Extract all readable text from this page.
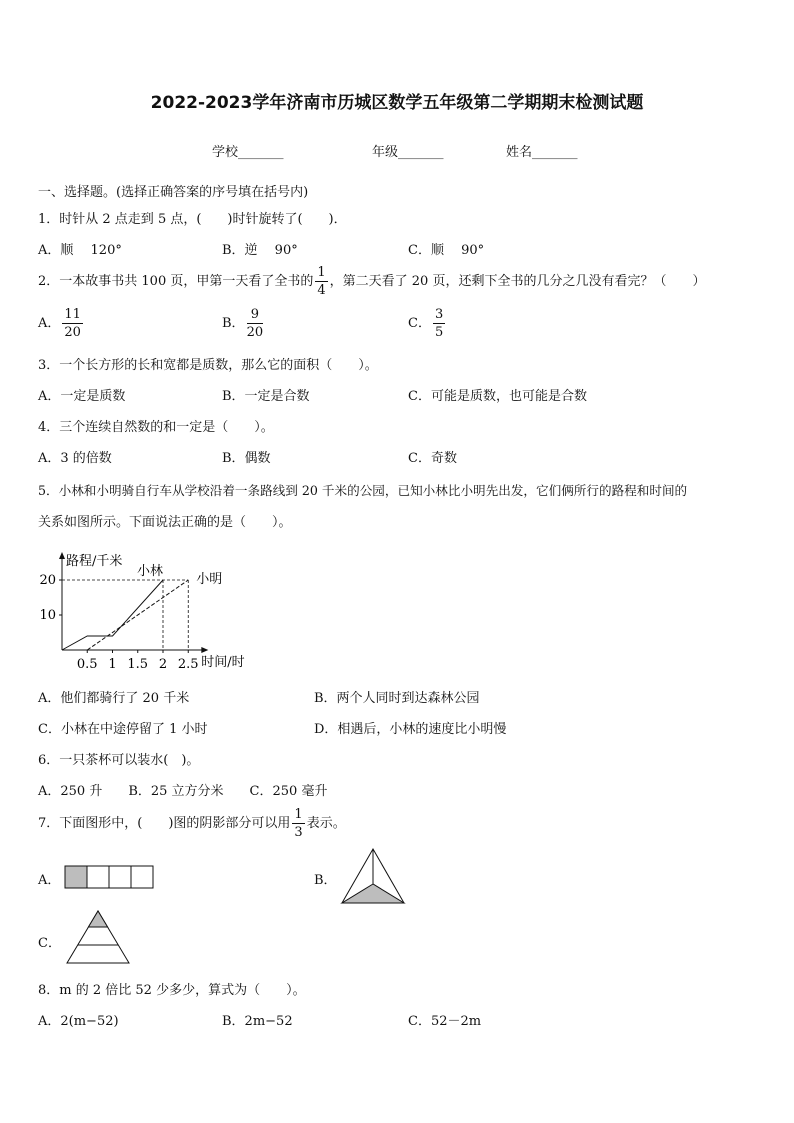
2022-2023学年济南市历城区数学五年级第二学期期末检测试题
学校_______	年级_______	姓名_______
一、选择题。(选择正确答案的序号填在括号内)
1．时针从 2 点走到 5 点，(　　)时针旋转了(　　)．
A．顺　 120°	B．逆　 90°	C．顺　 90°
2．一本故事书共 100 页，甲第一天看了全书的 $\frac{1}{4}$ ，第二天看了 20 页，还剩下全书的几分之几没有看完？（　　）
A． $\frac{11}{20}$	B． $\frac{9}{20}$	C． $\frac{3}{5}$
3．一个长方形的长和宽都是质数，那么它的面积（　　）。
A．一定是质数	B．一定是合数	C．可能是质数，也可能是合数
4．三个连续自然数的和一定是（　　）。
A．3 的倍数	B．偶数	C．奇数
5．小林和小明骑自行车从学校沿着一条路线到 20 千米的公园，已知小林比小明先出发，它们俩所行的路程和时间的
关系如图所示。下面说法正确的是（　　）。
10
20
0.5 1 1.5 2 2.5
小林
小明
路程/千米
时间/时
A．他们都骑行了 20 千米	B．两个人同时到达森林公园
C．小林在中途停留了 1 小时	D．相遇后，小林的速度比小明慢
6．一只茶杯可以装水(　)。
A．250 升　　B．25 立方分米　　C．250 毫升
7．下面图形中，(　　)图的阴影部分可以用 $\frac{1}{3}$ 表示。
A．	B．
C．
8．m 的 2 倍比 52 少多少，算式为（　　）。
A．2(m−52)	B．2m−52	C．52－2m
